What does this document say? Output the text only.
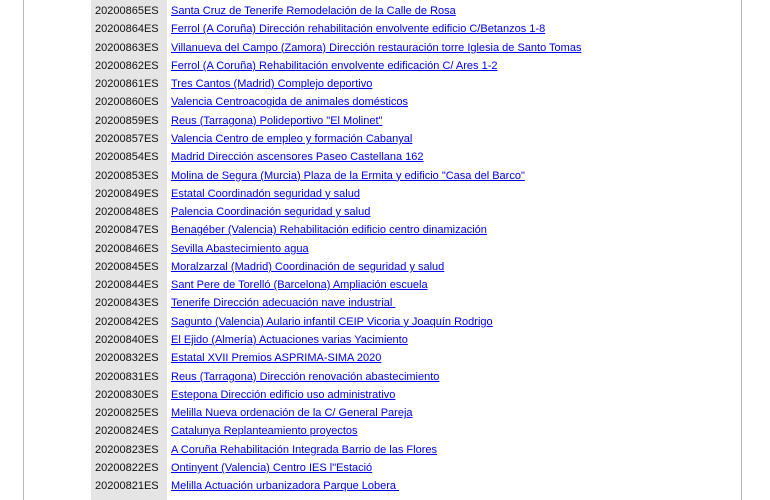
20200865ES Santa Cruz de Tenerife Remodelación de la Calle de Rosa
20200864ES Ferrol (A Coruña) Dirección rehabilitación envolvente edificio C/Betanzos 1-8
20200863ES Villanueva del Campo (Zamora) Dirección restauración torre Iglesia de Santo Tomas
20200862ES Ferrol (A Coruña) Rehabilitación envolvente edificación C/ Ares 1-2
20200861ES Tres Cantos (Madrid) Complejo deportivo
20200860ES Valencia Centroacogida de animales domésticos
20200859ES Reus (Tarragona) Polideportivo "El Molinet"
20200857ES Valencia Centro de empleo y formación Cabanyal
20200854ES Madrid Dirección ascensores Paseo Castellana 162
20200853ES Molina de Segura (Murcia) Plaza de la Ermita y edificio "Casa del Barco"
20200849ES Estatal Coordinadón seguridad y salud
20200848ES Palencia Coordinación seguridad y salud
20200847ES Benagéber (Valencia) Rehabilitación edificio centro dinamización
20200846ES Sevilla Abastecimiento agua
20200845ES Moralzarzal (Madrid) Coordinación de seguridad y salud
20200844ES Sant Pere de Torelló (Barcelona) Ampliación escuela
20200843ES Tenerife Dirección adecuación nave industrial
20200842ES Sagunto (Valencia) Aulario infantil CEIP Vicoria y Joaquín Rodrigo
20200840ES El Ejido (Almería) Actuaciones varias Yacimiento
20200832ES Estatal XVII Premios ASPRIMA-SIMA 2020
20200831ES Reus (Tarragona) Dirección renovación abastecimiento
20200830ES Estepona Dirección edificio uso administrativo
20200825ES Melilla Nueva ordenación de la C/ General Pareja
20200824ES Catalunya Replanteamiento proyectos
20200823ES A Coruña Rehabilitación Integrada Barrio de las Flores
20200822ES Ontinyent (Valencia) Centro IES l"Estació
20200821ES Melilla Actuación urbanizadora Parque Lobera
